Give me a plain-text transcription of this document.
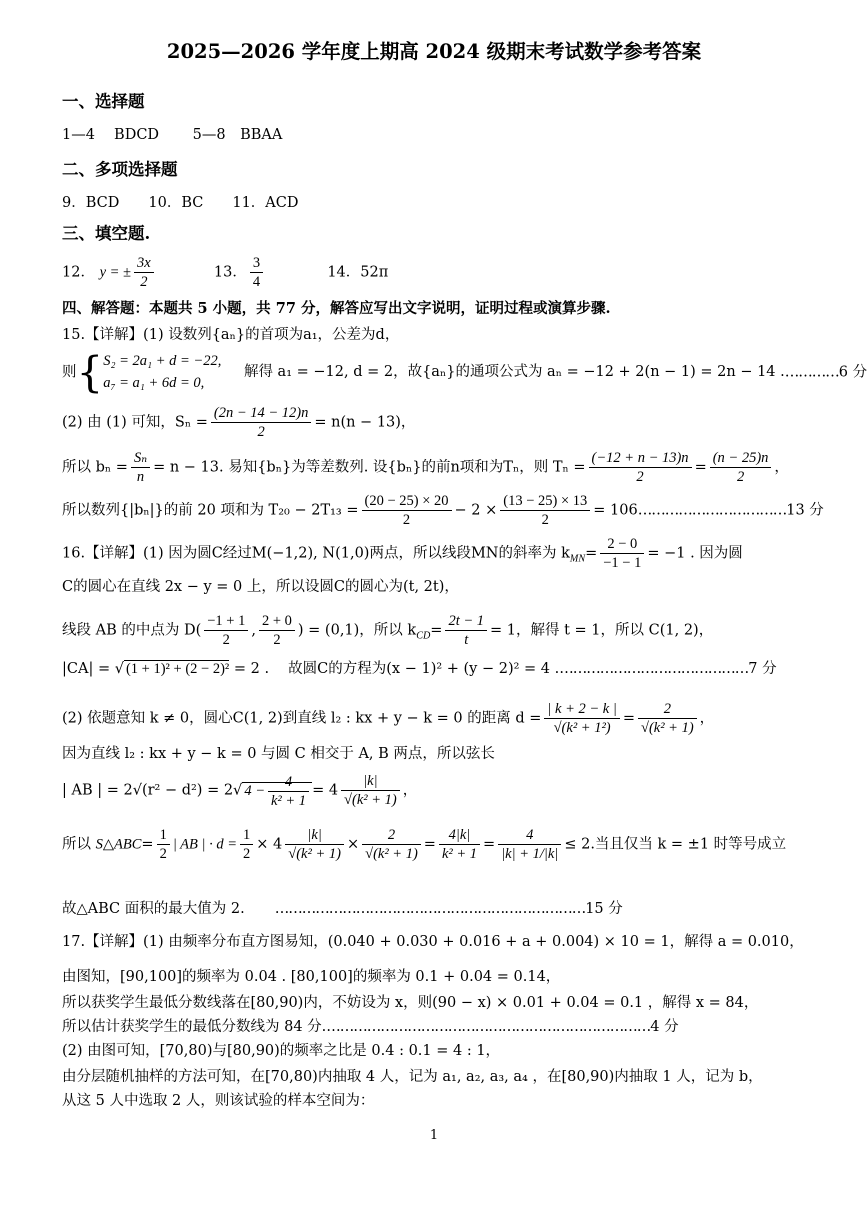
2025—2026 学年度上期高 2024 级期末考试数学参考答案
一、选择题
1—4　 BDCD　　 5—8　BBAA
二、多项选择题
9．BCD　　10．BC　　11．ACD
三、填空题.
12． y = ± $\frac{3x}{2}$	13． $\frac{3}{4}$	14．52π
四、解答题：本题共 5 小题，共 77 分，解答应写出文字说明，证明过程或演算步骤.
15.【详解】(1) 设数列{aₙ}的首项为a₁，公差为d，
则{S₂ = 2a₁ + d = −22,
a₇ = a₁ + 6d = 0, 解得 a₁ = −12, d = 2，故{aₙ}的通项公式为 aₙ = −12 + 2(n − 1) = 2n − 14 .…………6 分
(2) 由 (1) 可知，$S_n = \frac{(2n - 14 - 12)n}{2} = n(n - 13)$，
所以 $b_n = \frac{\text{Sₙ}}{n} = n - 13$. 易知{bₙ}为等差数列. 设{bₙ}的前n项和为Tₙ，则 $T_n = \frac{(-12 + n - 13)n}{2} = \frac{(n - 25)n}{2}$ ，
所以数列{|bₙ|}的前 20 项和为 $T_{20} - 2T_{13} = \frac{(20 - 25) \times 20}{2} - 2 \times \frac{(13 - 25) \times 13}{2}$ = 106……………………………13 分
16.【详解】(1) 因为圆C经过M(−1,2), N(1,0)两点，所以线段MN的斜率为 $k_{MN}= \frac{2 - 0}{-1 - 1} = -1$ . 因为圆
C的圆心在直线 2x − y = 0 上，所以设圆C的圆心为(t, 2t)，
线段 AB 的中点为 $D( \frac{-1 + 1}{2}$ , $\frac{2 + 0}{2}$ ) = (0,1)，所以 $k_{CD}= \frac{2t - 1}{t} = 1$，解得 t = 1，所以 C(1, 2)，
|CA| = √ (1 + 1)² + (2 − 2)² = 2 .　 故圆C的方程为(x − 1)² + (y − 2)² = 4 .……………………………………7 分
(2) 依题意知 k ≠ 0，圆心C(1, 2)到直线 l₂ : kx + y − k = 0 的距离 $d = \frac{| k + 2 - k |}{\text{√(k² + 1²)}} = \frac{2}{\text{√(k² + 1)}}$ ，
因为直线 l₂ : kx + y − k = 0 与圆 C 相交于 A, B 两点，所以弦长
| AB | = 2√(r² − d²) = 2√ $4 - \frac{4}{\text{k² + 1}} = 4 \frac{|k|}{\text{√(k² + 1)}}$ ，
所以 S△ABC= $\frac{1}{2}$ | AB | · $d = \frac{1}{2} \times 4 \frac{|k|}{\text{√(k² + 1)}} \times \frac{2}{\text{√(k² + 1)}} = \frac{4|k|}{\text{k² + 1}} = \frac{4}{|k| + 1/|k|} \le 2$.当且仅当 k = ±1 时等号成立
故△ABC 面积的最大值为 2. ……………………………………………………………15 分
17.【详解】(1) 由频率分布直方图易知，(0.040 + 0.030 + 0.016 + a + 0.004) × 10 = 1，解得 a = 0.010，
由图知，[90,100]的频率为 0.04 . [80,100]的频率为 0.1 + 0.04 = 0.14，
所以获奖学生最低分数线落在[80,90)内，不妨设为 x，则(90 − x) × 0.01 + 0.04 = 0.1 ，解得 x = 84，
所以估计获奖学生的最低分数线为 84 分.………………………………………………………………4 分
(2) 由图可知，[70,80)与[80,90)的频率之比是 0.4 : 0.1 = 4 : 1，
由分层随机抽样的方法可知，在[70,80)内抽取 4 人，记为 a₁, a₂, a₃, a₄ ，在[80,90)内抽取 1 人，记为 b，
从这 5 人中选取 2 人，则该试验的样本空间为：
1
